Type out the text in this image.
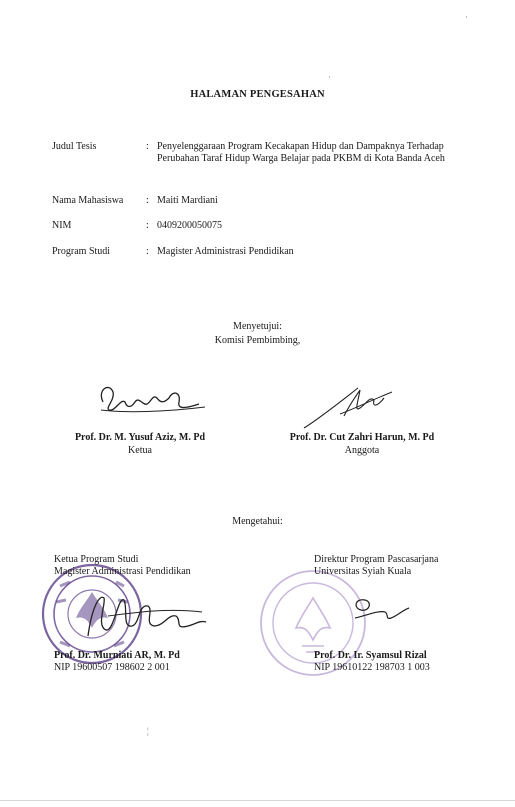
HALAMAN PENGESAHAN
Judul Tesis	: Penyelenggaraan Program Kecakapan Hidup dan Dampaknya Terhadap Perubahan Taraf Hidup Warga Belajar pada PKBM di Kota Banda Aceh
Nama Mahasiswa : Maiti Mardiani
NIM	: 0409200050075
Program Studi	: Magister Administrasi Pendidikan
Menyetujui:
Komisi Pembimbing,
Prof. Dr. M. Yusuf Aziz, M. Pd
Ketua
Prof. Dr. Cut Zahri Harun, M. Pd
Anggota
Mengetahui:
Ketua Program Studi
Magister Administrasi Pendidikan
Prof. Dr. Murniati AR, M. Pd
NIP 19600507 198602 2 001
Direktur Program Pascasarjana
Universitas Syiah Kuala
Prof. Dr. Ir. Syamsul Rizal
NIP 19610122 198703 1 003
·
·
¦
